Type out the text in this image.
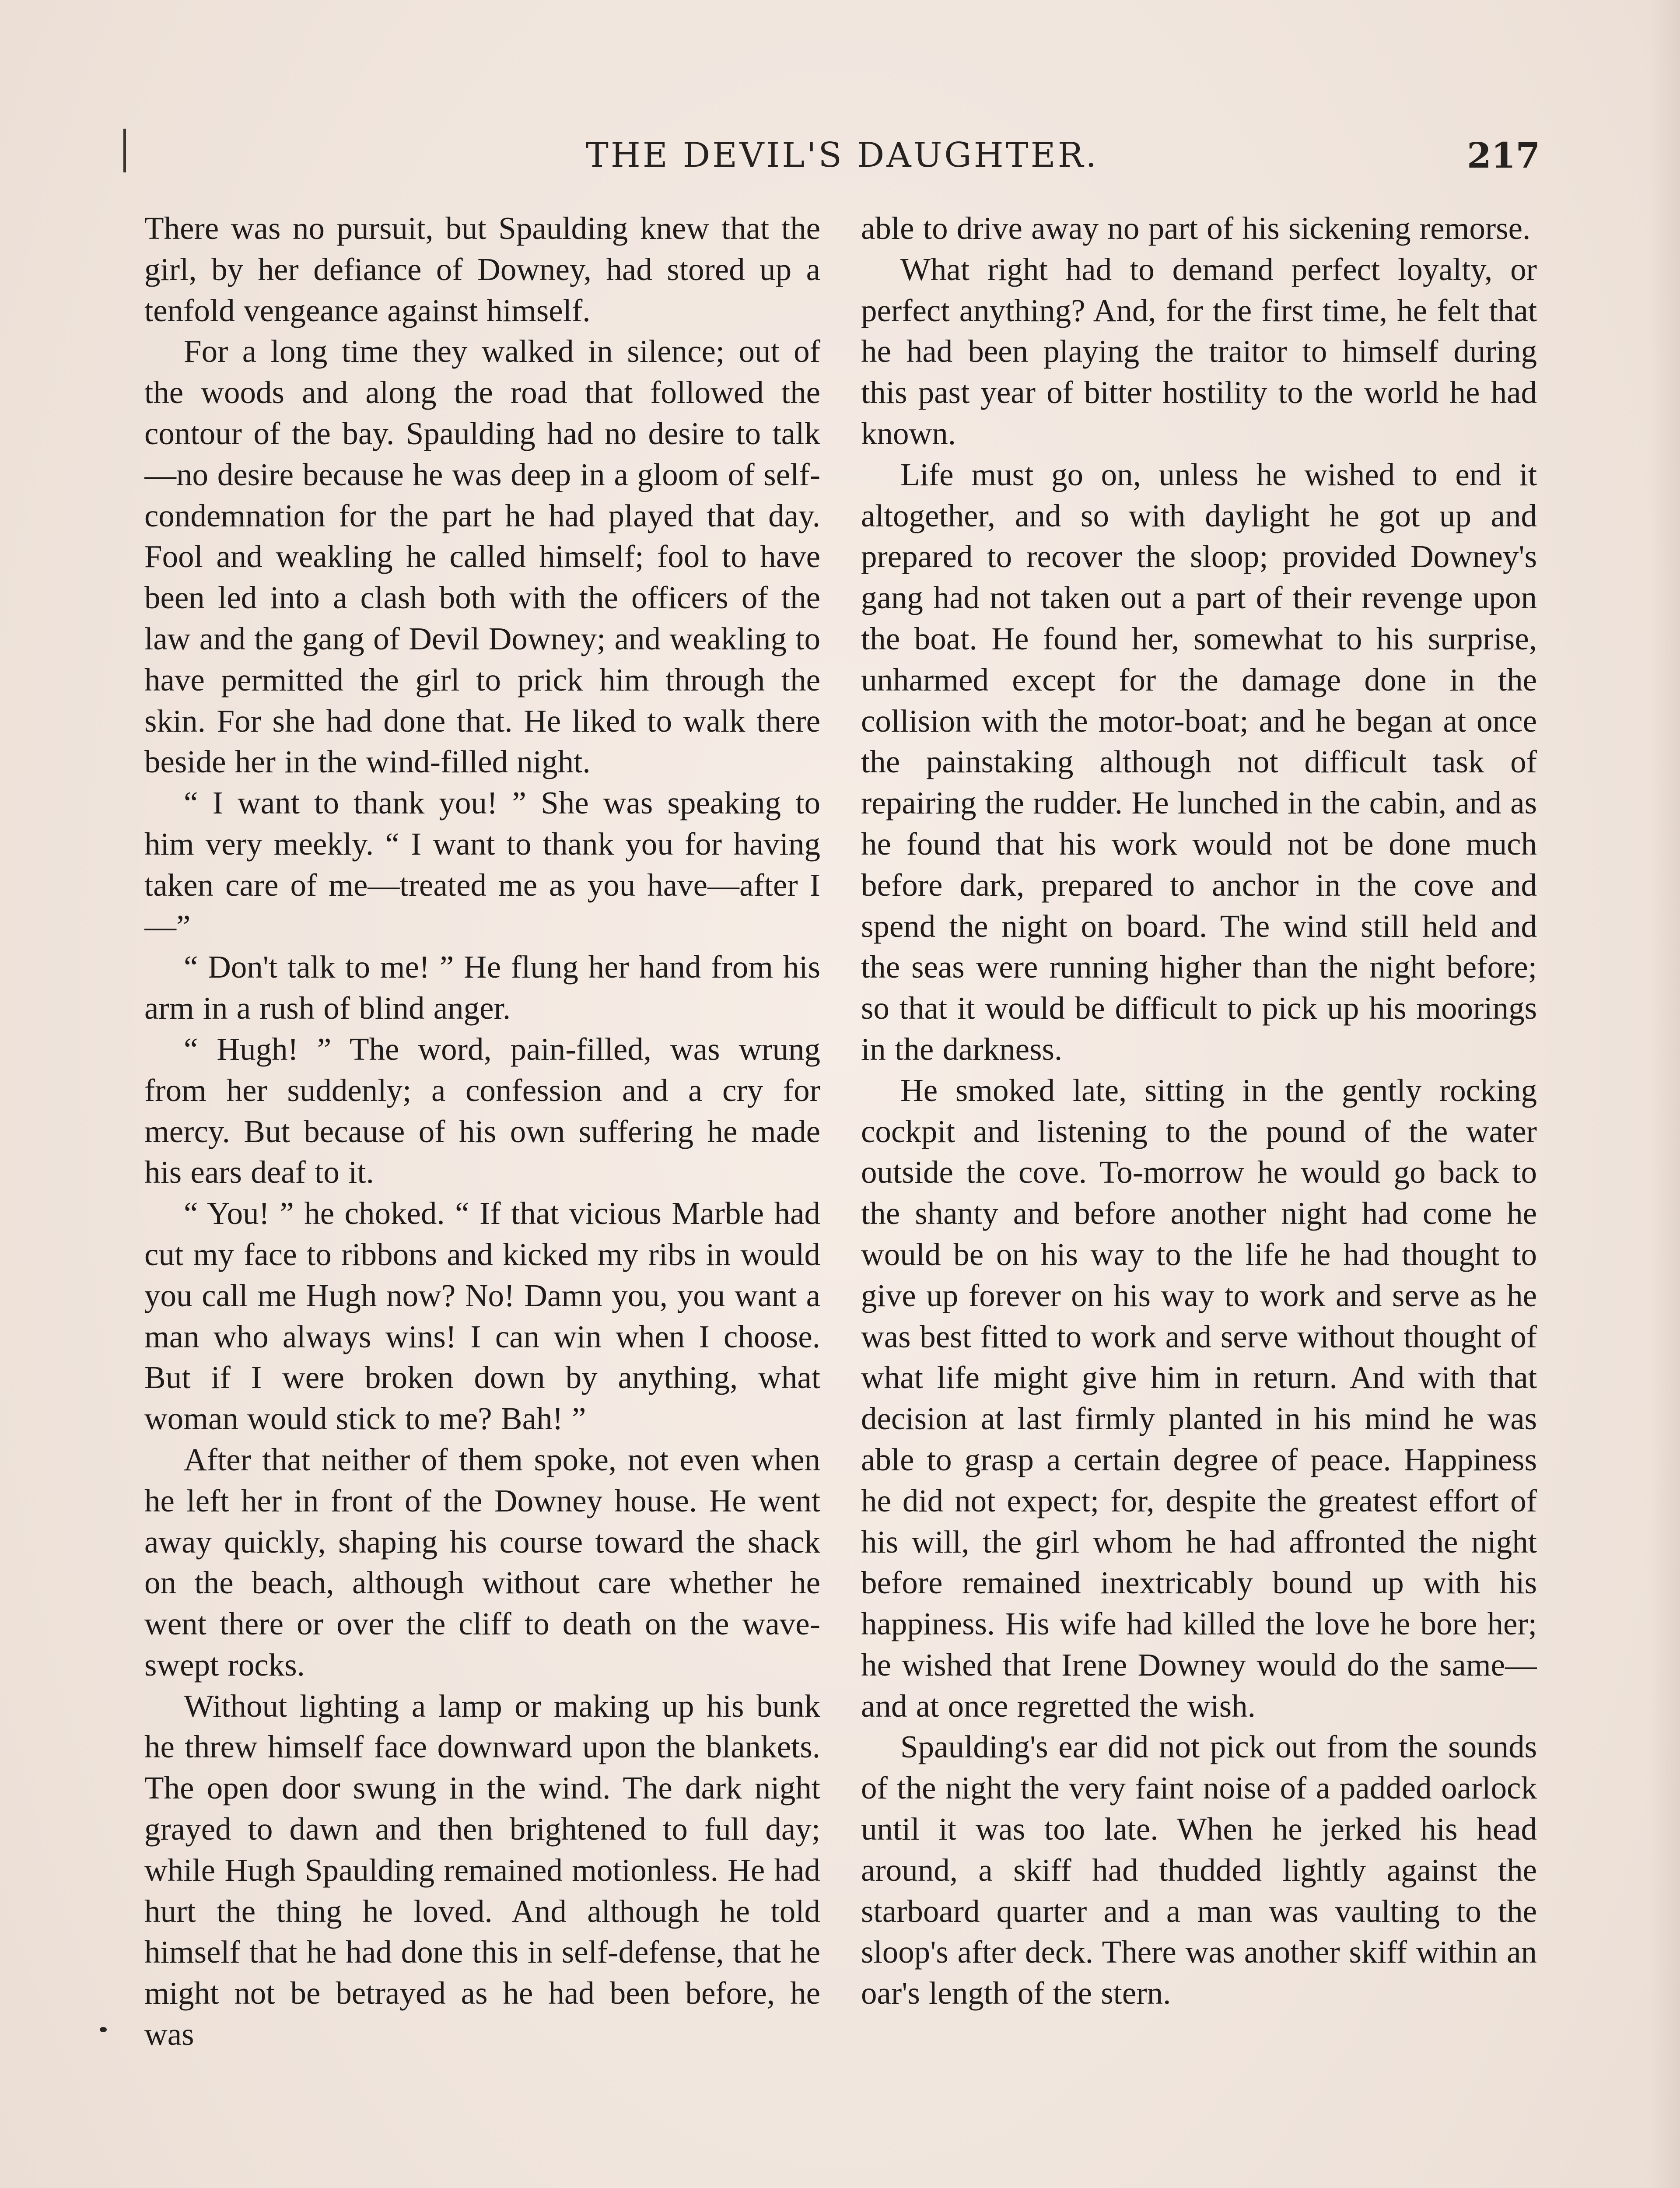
THE DEVIL'S DAUGHTER.	217

There was no pursuit, but Spaulding knew that the girl, by her defiance of Downey, had stored up a tenfold vengeance against himself.

For a long time they walked in silence; out of the woods and along the road that followed the contour of the bay. Spaulding had no desire to talk—no desire because he was deep in a gloom of self-condemnation for the part he had played that day. Fool and weakling he called himself; fool to have been led into a clash both with the officers of the law and the gang of Devil Downey; and weakling to have permitted the girl to prick him through the skin. For she had done that. He liked to walk there beside her in the wind-filled night.

“ I want to thank you! ” She was speaking to him very meekly. “ I want to thank you for having taken care of me—treated me as you have—after I—”

“ Don't talk to me! ” He flung her hand from his arm in a rush of blind anger.

“ Hugh! ” The word, pain-filled, was wrung from her suddenly; a confession and a cry for mercy. But because of his own suffering he made his ears deaf to it.

“ You! ” he choked. “ If that vicious Marble had cut my face to ribbons and kicked my ribs in would you call me Hugh now? No! Damn you, you want a man who always wins! I can win when I choose. But if I were broken down by anything, what woman would stick to me? Bah! ”

After that neither of them spoke, not even when he left her in front of the Downey house. He went away quickly, shaping his course toward the shack on the beach, although without care whether he went there or over the cliff to death on the wave-swept rocks.

Without lighting a lamp or making up his bunk he threw himself face downward upon the blankets. The open door swung in the wind. The dark night grayed to dawn and then brightened to full day; while Hugh Spaulding remained motionless. He had hurt the thing he loved. And although he told himself that he had done this in self-defense, that he might not be betrayed as he had been before, he was

able to drive away no part of his sickening remorse.

What right had to demand perfect loyalty, or perfect anything? And, for the first time, he felt that he had been playing the traitor to himself during this past year of bitter hostility to the world he had known.

Life must go on, unless he wished to end it altogether, and so with daylight he got up and prepared to recover the sloop; provided Downey's gang had not taken out a part of their revenge upon the boat. He found her, somewhat to his surprise, unharmed except for the damage done in the collision with the motor-boat; and he began at once the painstaking although not difficult task of repairing the rudder. He lunched in the cabin, and as he found that his work would not be done much before dark, prepared to anchor in the cove and spend the night on board. The wind still held and the seas were running higher than the night before; so that it would be difficult to pick up his moorings in the darkness.

He smoked late, sitting in the gently rocking cockpit and listening to the pound of the water outside the cove. To-morrow he would go back to the shanty and before another night had come he would be on his way to the life he had thought to give up forever on his way to work and serve as he was best fitted to work and serve without thought of what life might give him in return. And with that decision at last firmly planted in his mind he was able to grasp a certain degree of peace. Happiness he did not expect; for, despite the greatest effort of his will, the girl whom he had affronted the night before remained inextricably bound up with his happiness. His wife had killed the love he bore her; he wished that Irene Downey would do the same—and at once regretted the wish.

Spaulding's ear did not pick out from the sounds of the night the very faint noise of a padded oarlock until it was too late. When he jerked his head around, a skiff had thudded lightly against the starboard quarter and a man was vaulting to the sloop's after deck. There was another skiff within an oar's length of the stern.
